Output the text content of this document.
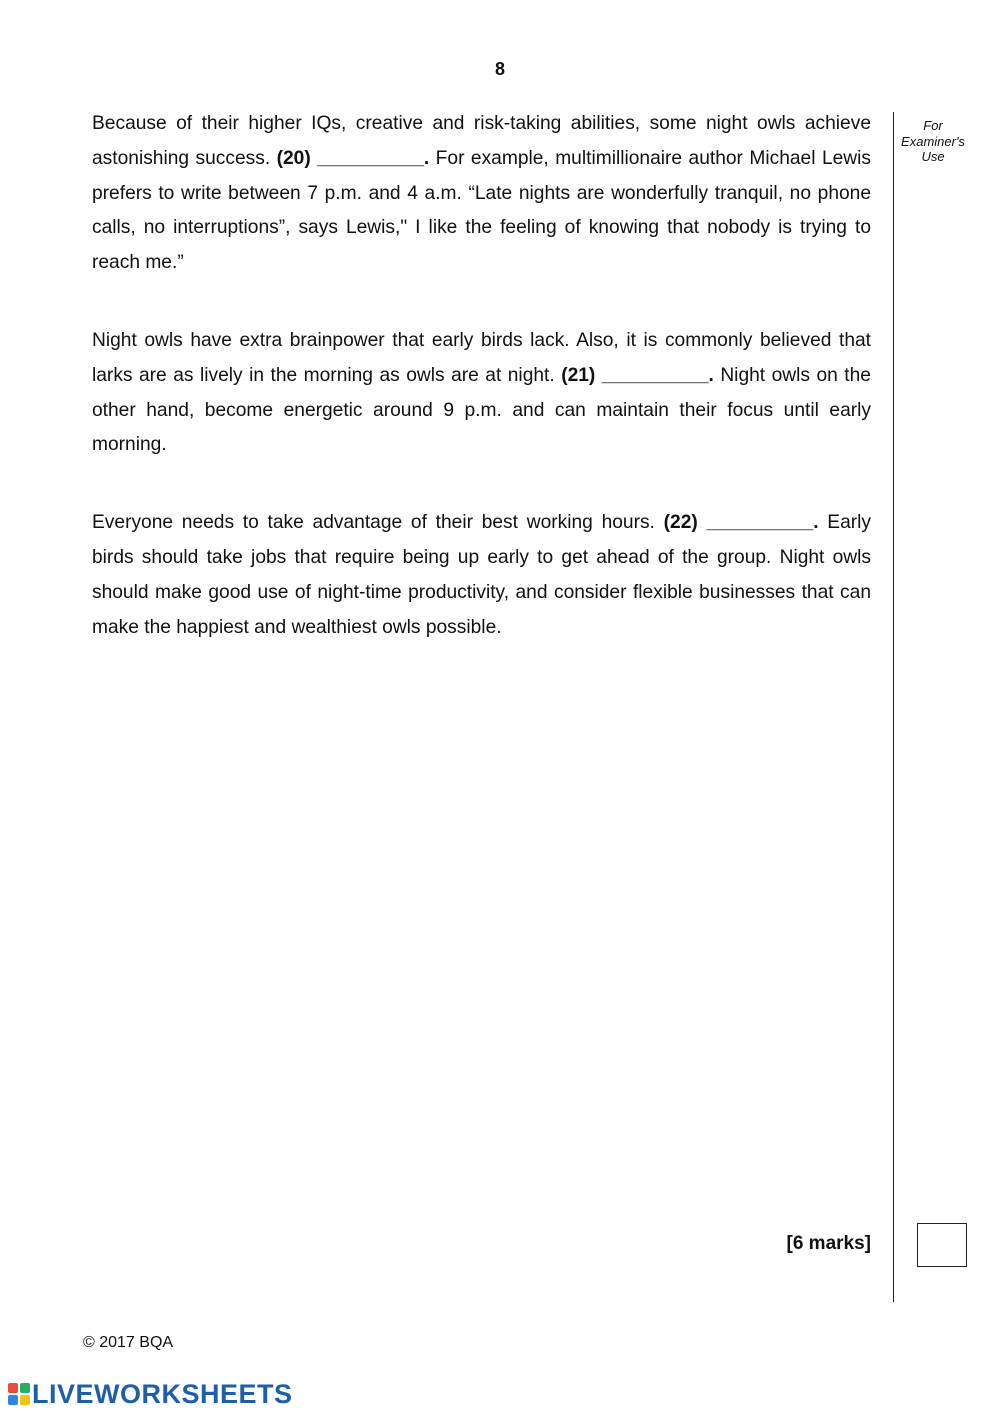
8
For Examiner's Use

Because of their higher IQs, creative and risk-taking abilities, some night owls achieve astonishing success. (20) __________. For example, multimillionaire author Michael Lewis prefers to write between 7 p.m. and 4 a.m. “Late nights are wonderfully tranquil, no phone calls, no interruptions”, says Lewis," I like the feeling of knowing that nobody is trying to reach me.”

Night owls have extra brainpower that early birds lack. Also, it is commonly believed that larks are as lively in the morning as owls are at night. (21) __________. Night owls on the other hand, become energetic around 9 p.m. and can maintain their focus until early morning.

Everyone needs to take advantage of their best working hours. (22) __________. Early birds should take jobs that require being up early to get ahead of the group. Night owls should make good use of night-time productivity, and consider flexible businesses that can make the happiest and wealthiest owls possible.

[6 marks]
© 2017 BQA
LIVEWORKSHEETS
